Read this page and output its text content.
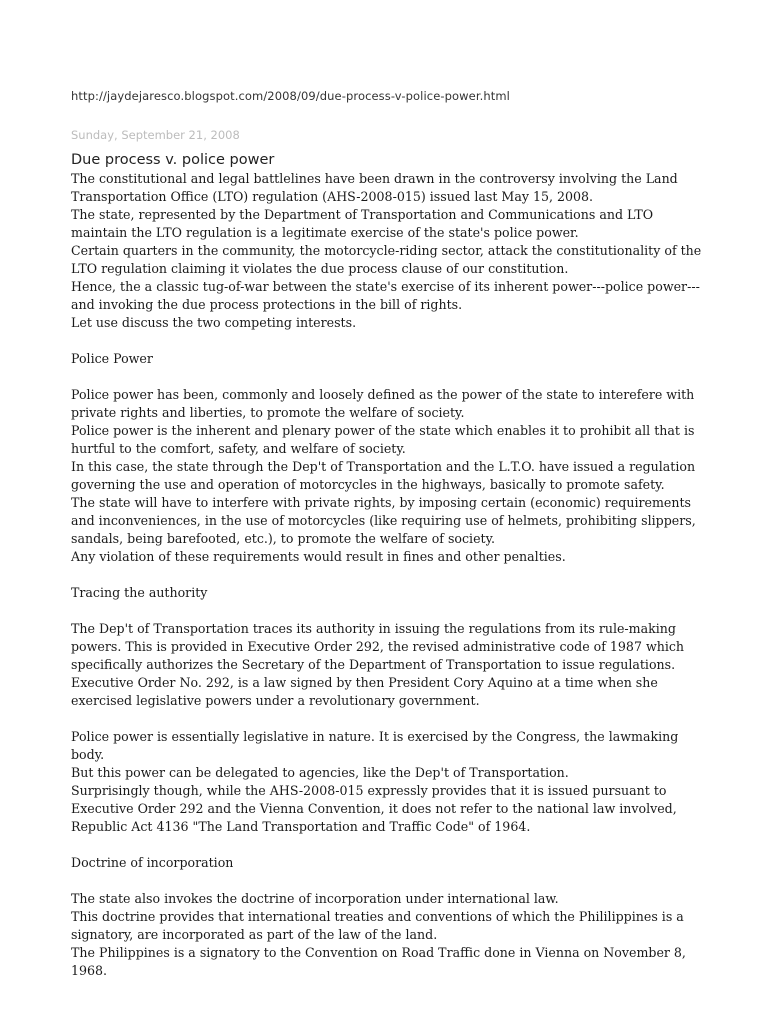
http://jaydejaresco.blogspot.com/2008/09/due-process-v-police-power.html
Sunday, September 21, 2008
Due process v. police power

The constitutional and legal battlelines have been drawn in the controversy involving the Land Transportation Office (LTO) regulation (AHS-2008-015) issued last May 15, 2008.

The state, represented by the Department of Transportation and Communications and LTO maintain the LTO regulation is a legitimate exercise of the state's police power.

Certain quarters in the community, the motorcycle-riding sector, attack the constitutionality of the LTO regulation claiming it violates the due process clause of our constitution.

Hence, the a classic tug-of-war between the state's exercise of its inherent power---police power--- and invoking the due process protections in the bill of rights.

Let use discuss the two competing interests.

Police Power

Police power has been, commonly and loosely defined as the power of the state to interefere with private rights and liberties, to promote the welfare of society.

Police power is the inherent and plenary power of the state which enables it to prohibit all that is hurtful to the comfort, safety, and welfare of society.

In this case, the state through the Dep't of Transportation and the L.T.O. have issued a regulation governing the use and operation of motorcycles in the highways, basically to promote safety.

The state will have to interfere with private rights, by imposing certain (economic) requirements and inconveniences, in the use of motorcycles (like requiring use of helmets, prohibiting slippers, sandals, being barefooted, etc.), to promote the welfare of society.

Any violation of these requirements would result in fines and other penalties.

Tracing the authority

The Dep't of Transportation traces its authority in issuing the regulations from its rule-making powers. This is provided in Executive Order 292, the revised administrative code of 1987 which specifically authorizes the Secretary of the Department of Transportation to issue regulations. Executive Order No. 292, is a law signed by then President Cory Aquino at a time when she exercised legislative powers under a revolutionary government.

Police power is essentially legislative in nature. It is exercised by the Congress, the lawmaking body.

But this power can be delegated to agencies, like the Dep't of Transportation.

Surprisingly though, while the AHS-2008-015 expressly provides that it is issued pursuant to Executive Order 292 and the Vienna Convention, it does not refer to the national law involved, Republic Act 4136 "The Land Transportation and Traffic Code" of 1964.

Doctrine of incorporation

The state also invokes the doctrine of incorporation under international law.

This doctrine provides that international treaties and conventions of which the Phililippines is a signatory, are incorporated as part of the law of the land.

The Philippines is a signatory to the Convention on Road Traffic done in Vienna on November 8, 1968.
